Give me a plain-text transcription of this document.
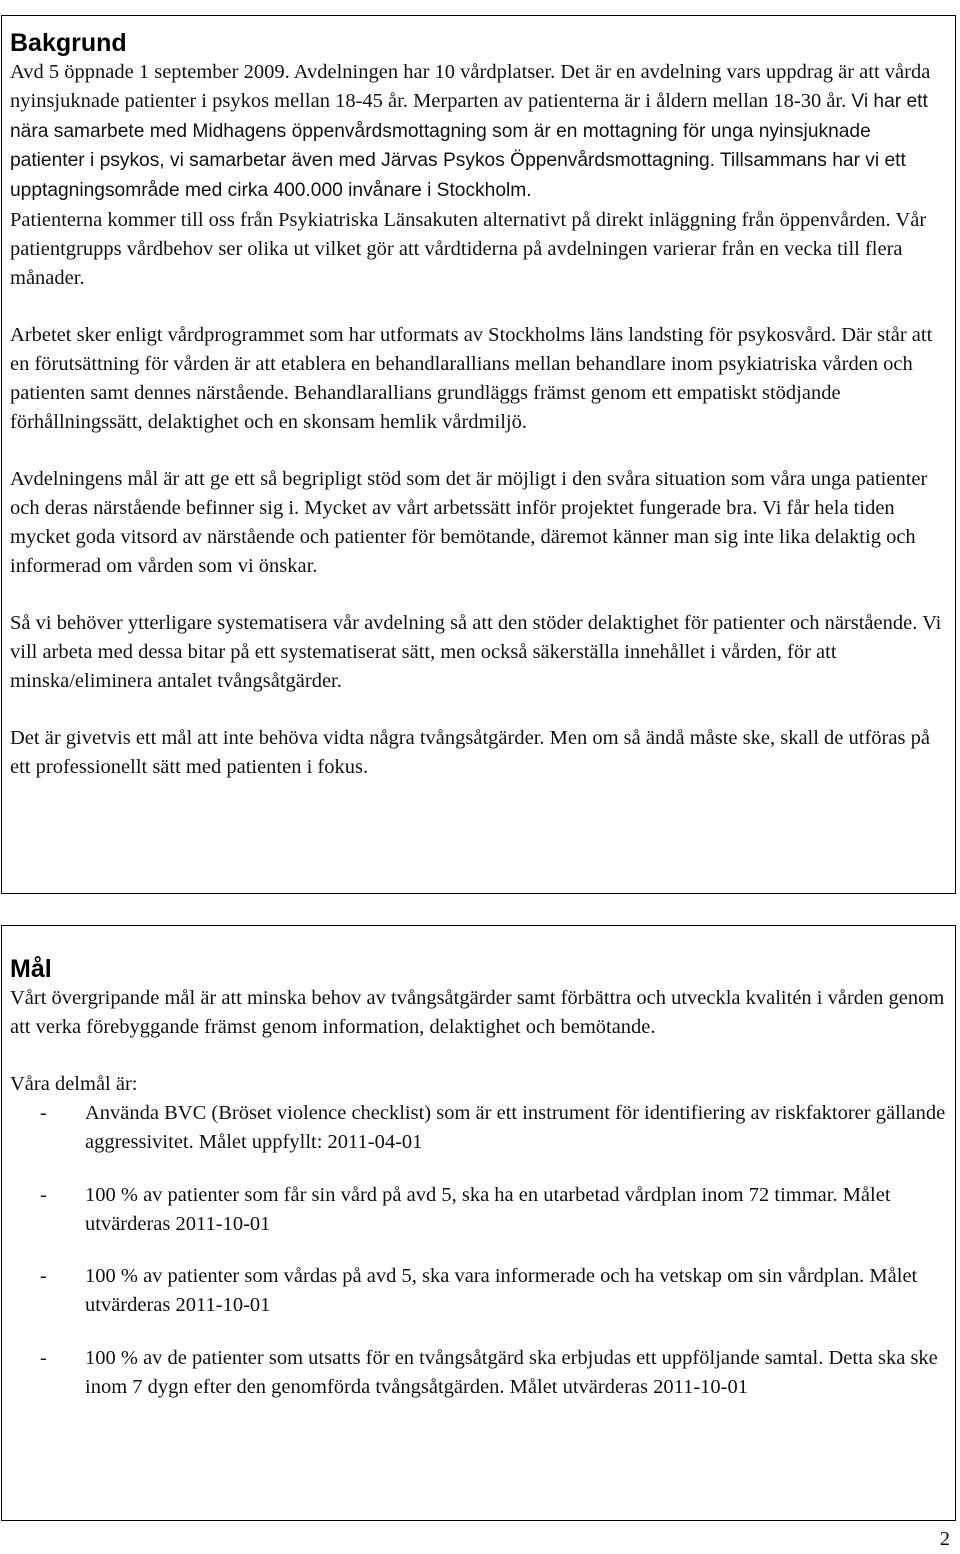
Bakgrund

Avd 5 öppnade 1 september 2009. Avdelningen har 10 vårdplatser. Det är en avdelning vars uppdrag är att vårda nyinsjuknade patienter i psykos mellan 18-45 år. Merparten av patienterna är i åldern mellan 18-30 år. Vi har ett nära samarbete med Midhagens öppenvårdsmottagning som är en mottagning för unga nyinsjuknade patienter i psykos, vi samarbetar även med Järvas Psykos Öppenvårdsmottagning. Tillsammans har vi ett upptagningsområde med cirka 400.000 invånare i Stockholm.

Patienterna kommer till oss från Psykiatriska Länsakuten alternativt på direkt inläggning från öppenvården. Vår patientgrupps vårdbehov ser olika ut vilket gör att vårdtiderna på avdelningen varierar från en vecka till flera månader.

Arbetet sker enligt vårdprogrammet som har utformats av Stockholms läns landsting för psykosvård. Där står att en förutsättning för vården är att etablera en behandlarallians mellan behandlare inom psykiatriska vården och patienten samt dennes närstående. Behandlarallians grundläggs främst genom ett empatiskt stödjande förhållningssätt, delaktighet och en skonsam hemlik vårdmiljö.

Avdelningens mål är att ge ett så begripligt stöd som det är möjligt i den svåra situation som våra unga patienter och deras närstående befinner sig i. Mycket av vårt arbetssätt inför projektet fungerade bra. Vi får hela tiden mycket goda vitsord av närstående och patienter för bemötande, däremot känner man sig inte lika delaktig och informerad om vården som vi önskar.

Så vi behöver ytterligare systematisera vår avdelning så att den stöder delaktighet för patienter och närstående. Vi vill arbeta med dessa bitar på ett systematiserat sätt, men också säkerställa innehållet i vården, för att minska/eliminera antalet tvångsåtgärder.

Det är givetvis ett mål att inte behöva vidta några tvångsåtgärder. Men om så ändå måste ske, skall de utföras på ett professionellt sätt med patienten i fokus.

Mål

Vårt övergripande mål är att minska behov av tvångsåtgärder samt förbättra och utveckla kvalitén i vården genom att verka förebyggande främst genom information, delaktighet och bemötande.

Våra delmål är:

- Använda BVC (Bröset violence checklist) som är ett instrument för identifiering av riskfaktorer gällande aggressivitet. Målet uppfyllt: 2011-04-01
- 100 % av patienter som får sin vård på avd 5, ska ha en utarbetad vårdplan inom 72 timmar. Målet utvärderas 2011-10-01
- 100 % av patienter som vårdas på avd 5, ska vara informerade och ha vetskap om sin vårdplan. Målet utvärderas 2011-10-01
- 100 % av de patienter som utsatts för en tvångsåtgärd ska erbjudas ett uppföljande samtal. Detta ska ske inom 7 dygn efter den genomförda tvångsåtgärden. Målet utvärderas 2011-10-01
2
